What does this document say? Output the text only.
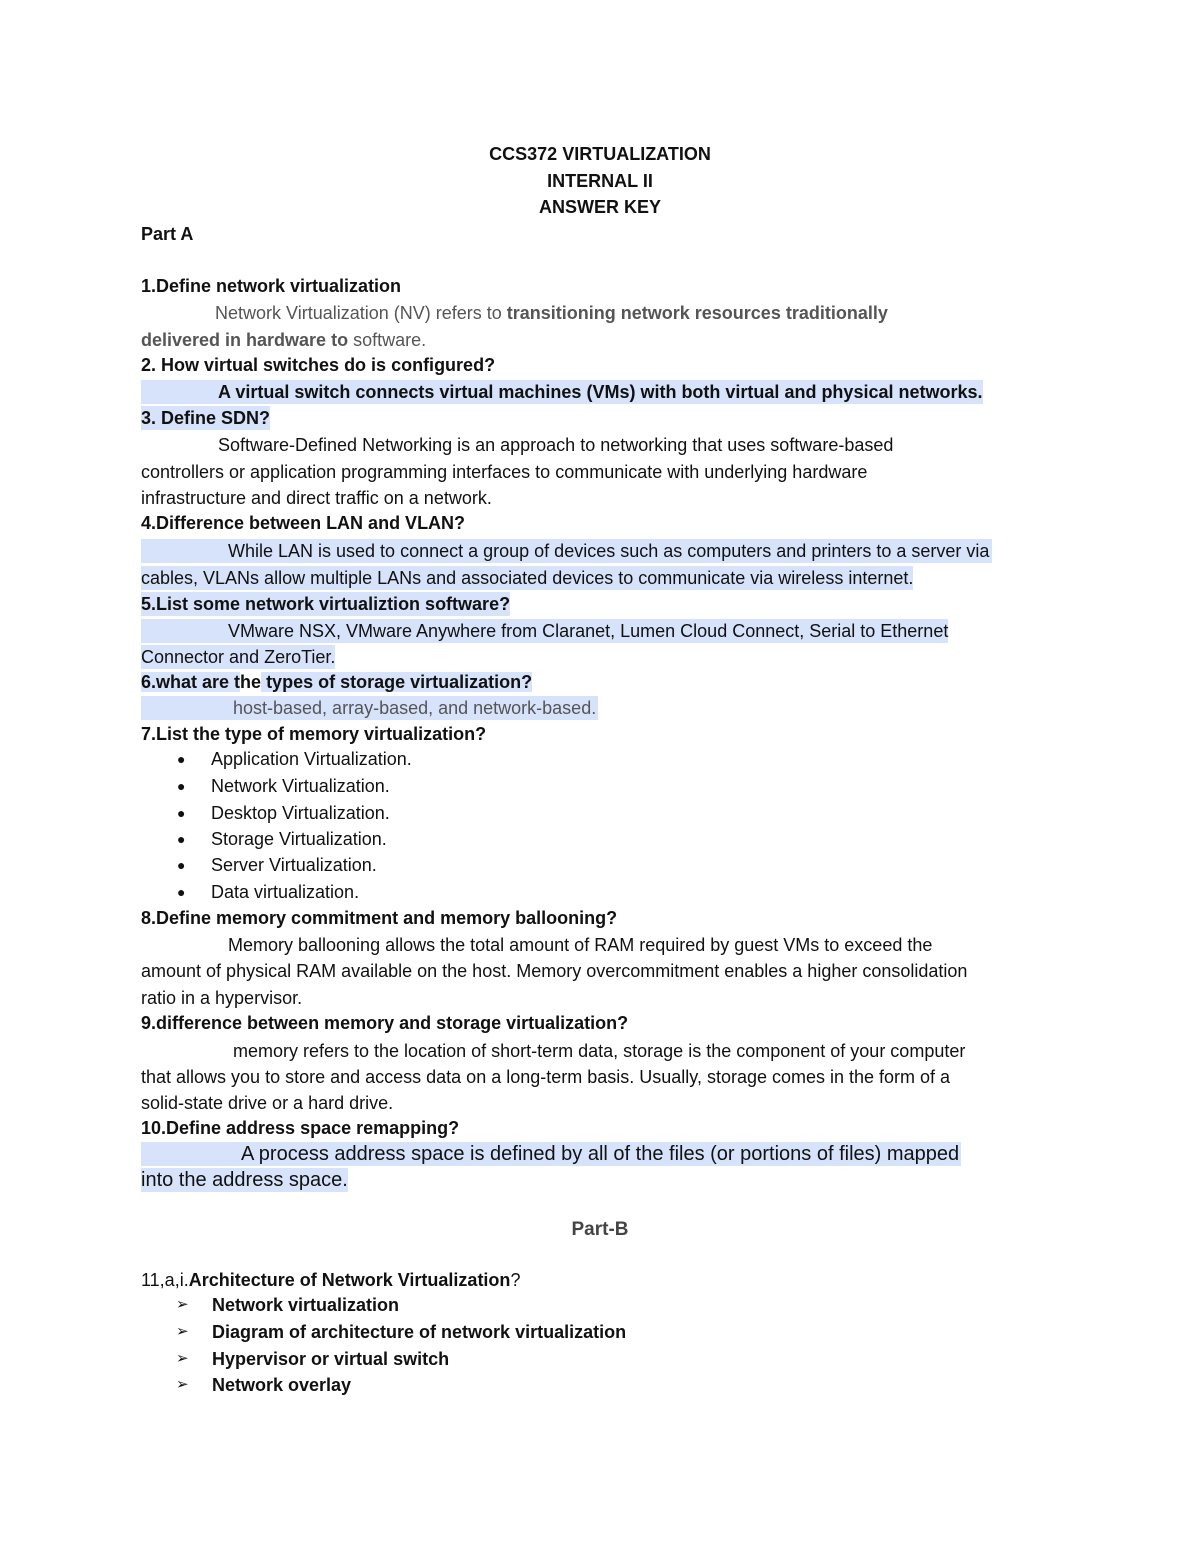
CCS372 VIRTUALIZATION
INTERNAL II
ANSWER KEY
Part A
1.Define network virtualization
Network Virtualization (NV) refers to transitioning network resources traditionally
delivered in hardware to software.
2. How virtual switches do is configured?
A virtual switch connects virtual machines (VMs) with both virtual and physical networks.
3. Define SDN?
Software-Defined Networking is an approach to networking that uses software-based
controllers or application programming interfaces to communicate with underlying hardware
infrastructure and direct traffic on a network.
4.Difference between LAN and VLAN?
While LAN is used to connect a group of devices such as computers and printers to a server via
cables, VLANs allow multiple LANs and associated devices to communicate via wireless internet.
5.List some network virtualiztion software?
VMware NSX, VMware Anywhere from Claranet, Lumen Cloud Connect, Serial to Ethernet
Connector and ZeroTier.
6.what are the types of storage virtualization?
host-based, array-based, and network-based.
7.List the type of memory virtualization?
● Application Virtualization.
● Network Virtualization.
● Desktop Virtualization.
● Storage Virtualization.
● Server Virtualization.
● Data virtualization.
8.Define memory commitment and memory ballooning?
Memory ballooning allows the total amount of RAM required by guest VMs to exceed the
amount of physical RAM available on the host. Memory overcommitment enables a higher consolidation
ratio in a hypervisor.
9.difference between memory and storage virtualization?
memory refers to the location of short-term data, storage is the component of your computer
that allows you to store and access data on a long-term basis. Usually, storage comes in the form of a
solid-state drive or a hard drive.
10.Define address space remapping?
A process address space is defined by all of the files (or portions of files) mapped
into the address space.
Part-B
11,a,i.Architecture of Network Virtualization?
➢ Network virtualization
➢ Diagram of architecture of network virtualization
➢ Hypervisor or virtual switch
➢ Network overlay
